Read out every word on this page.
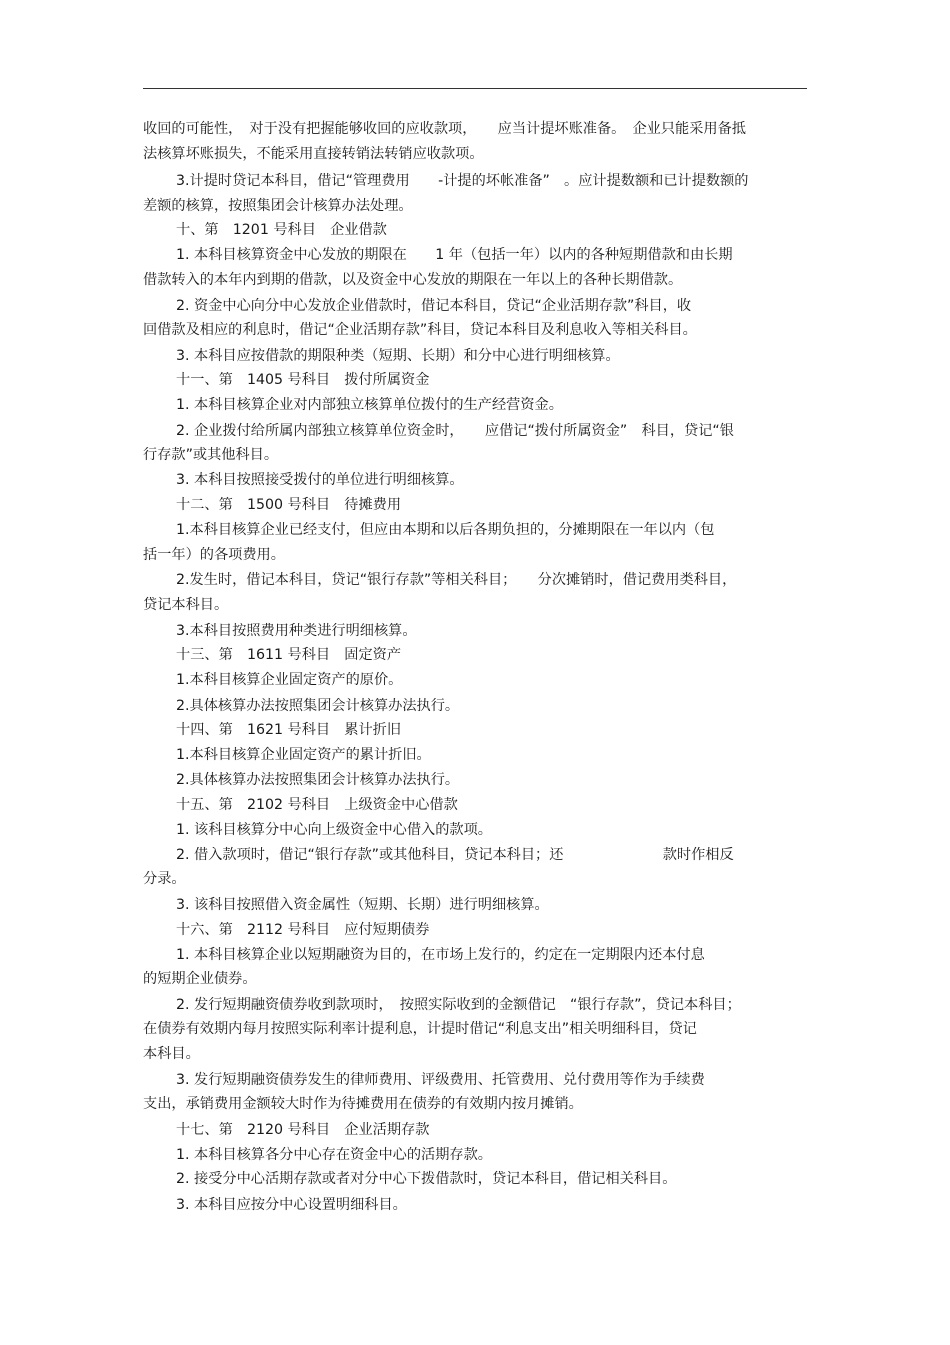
收回的可能性，　对于没有把握能够收回的应收款项，　　应当计提坏账准备。　企业只能采用备抵
法核算坏账损失，不能采用直接转销法转销应收款项。
3.计提时贷记本科目，借记“管理费用　　-计提的坏帐准备”　。应计提数额和已计提数额的
差额的核算，按照集团会计核算办法处理。
十、第　1201 号科目　企业借款
1. 本科目核算资金中心发放的期限在　　1 年（包括一年）以内的各种短期借款和由长期
借款转入的本年内到期的借款，以及资金中心发放的期限在一年以上的各种长期借款。
2. 资金中心向分中心发放企业借款时，借记本科目，贷记“企业活期存款”科目，收
回借款及相应的利息时，借记“企业活期存款”科目，贷记本科目及利息收入等相关科目。
3. 本科目应按借款的期限种类（短期、长期）和分中心进行明细核算。
十一、第　1405 号科目　拨付所属资金
1. 本科目核算企业对内部独立核算单位拨付的生产经营资金。
2. 企业拨付给所属内部独立核算单位资金时，　　应借记“拨付所属资金”　科目，贷记“银
行存款”或其他科目。
3. 本科目按照接受拨付的单位进行明细核算。
十二、第　1500 号科目　待摊费用
1.本科目核算企业已经支付，但应由本期和以后各期负担的，分摊期限在一年以内（包
括一年）的各项费用。
2.发生时，借记本科目，贷记“银行存款”等相关科目；　　分次摊销时，借记费用类科目，
贷记本科目。
3.本科目按照费用种类进行明细核算。
十三、第　1611 号科目　固定资产
1.本科目核算企业固定资产的原价。
2.具体核算办法按照集团会计核算办法执行。
十四、第　1621 号科目　累计折旧
1.本科目核算企业固定资产的累计折旧。
2.具体核算办法按照集团会计核算办法执行。
十五、第　2102 号科目　上级资金中心借款
1. 该科目核算分中心向上级资金中心借入的款项。
2. 借入款项时，借记“银行存款”或其他科目，贷记本科目；还　　　　　　　款时作相反
分录。
3. 该科目按照借入资金属性（短期、长期）进行明细核算。
十六、第　2112 号科目　应付短期债券
1. 本科目核算企业以短期融资为目的，在市场上发行的，约定在一定期限内还本付息
的短期企业债券。
2. 发行短期融资债券收到款项时，　按照实际收到的金额借记　“银行存款”，贷记本科目；
在债券有效期内每月按照实际利率计提利息，计提时借记“利息支出”相关明细科目，贷记
本科目。
3. 发行短期融资债券发生的律师费用、评级费用、托管费用、兑付费用等作为手续费
支出，承销费用金额较大时作为待摊费用在债券的有效期内按月摊销。
十七、第　2120 号科目　企业活期存款
1. 本科目核算各分中心存在资金中心的活期存款。
2. 接受分中心活期存款或者对分中心下拨借款时，贷记本科目，借记相关科目。
3. 本科目应按分中心设置明细科目。
